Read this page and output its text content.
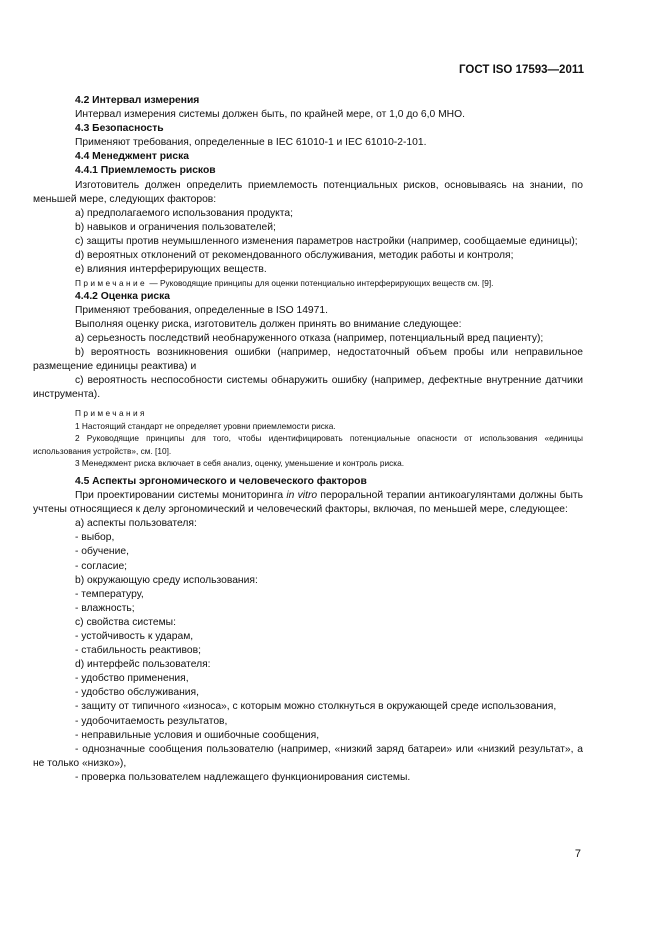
ГОСТ ISO 17593—2011

4.2 Интервал измерения

Интервал измерения системы должен быть, по крайней мере, от 1,0 до 6,0 МНО.

4.3 Безопасность

Применяют требования, определенные в IEC 61010-1 и IEC 61010-2-101.

4.4 Менеджмент риска

4.4.1 Приемлемость рисков

Изготовитель должен определить приемлемость потенциальных рисков, основываясь на знании, по меньшей мере, следующих факторов:

a) предполагаемого использования продукта;

b) навыков и ограничения пользователей;

c) защиты против неумышленного изменения параметров настройки (например, сообщаемые единицы);

d) вероятных отклонений от рекомендованного обслуживания, методик работы и контроля;

e) влияния интерферирующих веществ.

Примечание — Руководящие принципы для оценки потенциально интерферирующих веществ см. [9].

4.4.2 Оценка риска

Применяют требования, определенные в ISO 14971.

Выполняя оценку риска, изготовитель должен принять во внимание следующее:

a) серьезность последствий необнаруженного отказа (например, потенциальный вред пациенту);

b) вероятность возникновения ошибки (например, недостаточный объем пробы или неправильное размещение единицы реактива) и

c) вероятность неспособности системы обнаружить ошибку (например, дефектные внутренние датчики инструмента).

Примечания

1 Настоящий стандарт не определяет уровни приемлемости риска.

2 Руководящие принципы для того, чтобы идентифицировать потенциальные опасности от использования «единицы использования устройств», см. [10].

3 Менеджмент риска включает в себя анализ, оценку, уменьшение и контроль риска.

4.5 Аспекты эргономического и человеческого факторов

При проектировании системы мониторинга in vitro пероральной терапии антикоагулянтами должны быть учтены относящиеся к делу эргономический и человеческий факторы, включая, по меньшей мере, следующее:

a) аспекты пользователя:

- выбор,

- обучение,

- согласие;

b) окружающую среду использования:

- температуру,

- влажность;

c) свойства системы:

- устойчивость к ударам,

- стабильность реактивов;

d) интерфейс пользователя:

- удобство применения,

- удобство обслуживания,

- защиту от типичного «износа», с которым можно столкнуться в окружающей среде использования,

- удобочитаемость результатов,

- неправильные условия и ошибочные сообщения,

- однозначные сообщения пользователю (например, «низкий заряд батареи» или «низкий результат», а не только «низко»),

- проверка пользователем надлежащего функционирования системы.

7
